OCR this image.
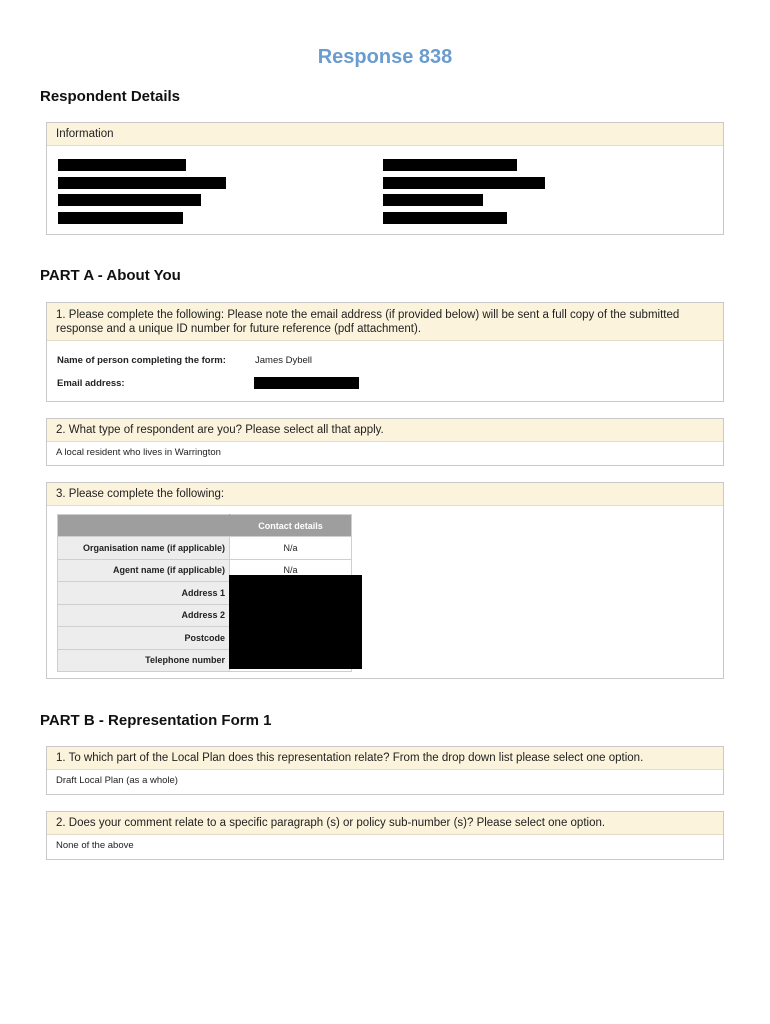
Response 838
Respondent Details
Information
PART A - About You
1. Please complete the following: Please note the email address (if provided below) will be sent a full copy of the submitted response and a unique ID number for future reference (pdf attachment).
Name of person completing the form:	James Dybell
Email address:
2. What type of respondent are you? Please select all that apply.
A local resident who lives in Warrington
3. Please complete the following:
	Contact details
Organisation name (if applicable)	N/a
Agent name (if applicable)	N/a
Address 1	
Address 2	
Postcode	
Telephone number	
PART B - Representation Form 1
1. To which part of the Local Plan does this representation relate? From the drop down list please select one option.
Draft Local Plan (as a whole)
2. Does your comment relate to a specific paragraph (s) or policy sub-number (s)? Please select one option.
None of the above
